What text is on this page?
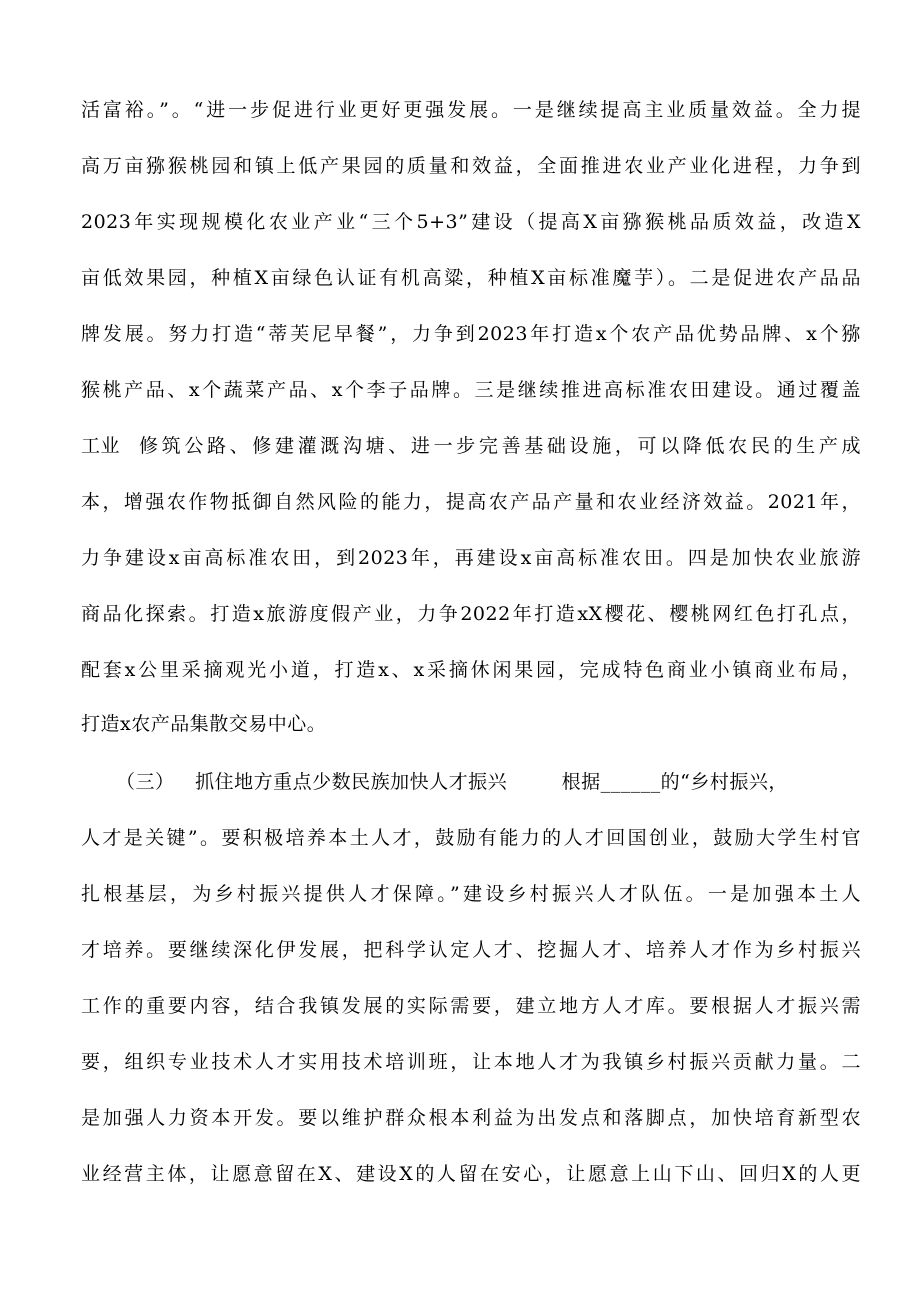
活富裕。”。“进一步促进行业更好更强发展。一是继续提高主业质量效益。全力提
高万亩猕猴桃园和镇上低产果园的质量和效益，全面推进农业产业化进程，力争到
2023年实现规模化农业产业“三个5+3”建设（提高X亩猕猴桃品质效益，改造X
亩低效果园，种植X亩绿色认证有机高粱，种植X亩标准魔芋）。二是促进农产品品
牌发展。努力打造“蒂芙尼早餐”，力争到2023年打造x个农产品优势品牌、x个猕
猴桃产品、x个蔬菜产品、x个李子品牌。三是继续推进高标准农田建设。通过覆盖
工业 修筑公路、修建灌溉沟塘、进一步完善基础设施，可以降低农民的生产成
本，增强农作物抵御自然风险的能力，提高农产品产量和农业经济效益。2021年，
力争建设x亩高标准农田，到2023年，再建设x亩高标准农田。四是加快农业旅游
商品化探索。打造x旅游度假产业，力争2022年打造xX樱花、樱桃网红色打孔点，
配套x公里采摘观光小道，打造x、x采摘休闲果园，完成特色商业小镇商业布局，
打造x农产品集散交易中心。
（三） 抓住地方重点少数民族加快人才振兴	根据______的“乡村振兴，
人才是关键”。要积极培养本土人才，鼓励有能力的人才回国创业，鼓励大学生村官
扎根基层，为乡村振兴提供人才保障。”建设乡村振兴人才队伍。一是加强本土人
才培养。要继续深化伊发展，把科学认定人才、挖掘人才、培养人才作为乡村振兴
工作的重要内容，结合我镇发展的实际需要，建立地方人才库。要根据人才振兴需
要，组织专业技术人才实用技术培训班，让本地人才为我镇乡村振兴贡献力量。二
是加强人力资本开发。要以维护群众根本利益为出发点和落脚点，加快培育新型农
业经营主体，让愿意留在X、建设X的人留在安心，让愿意上山下山、回归X的人更
